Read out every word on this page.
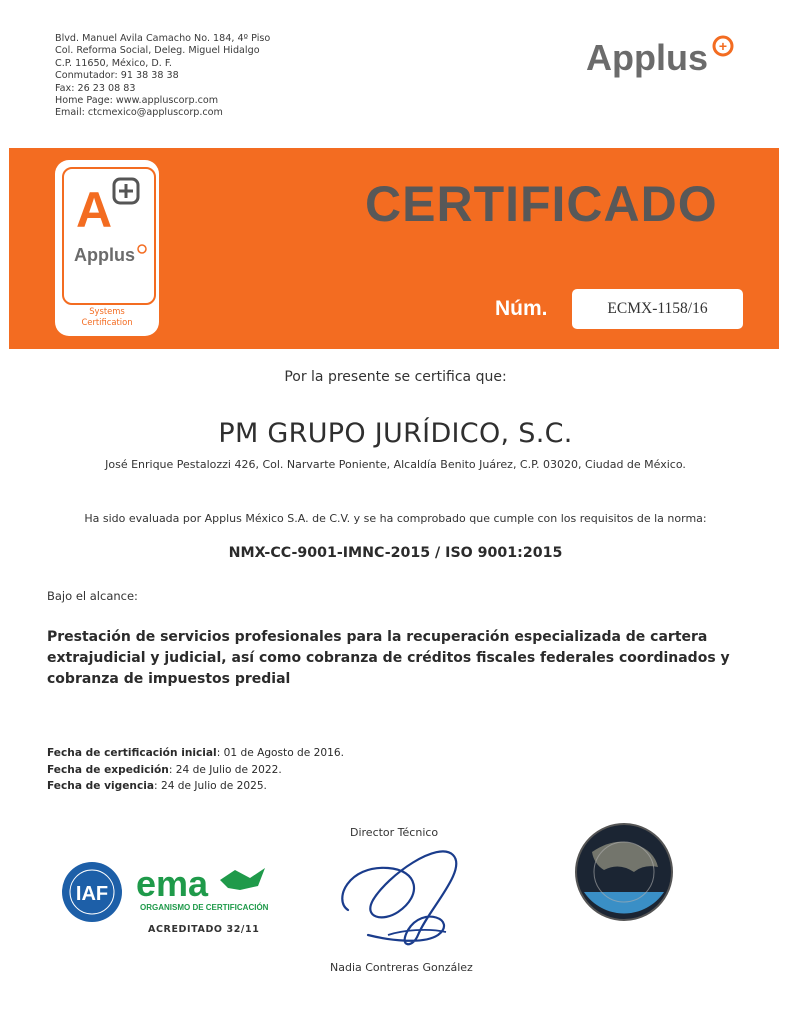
Blvd. Manuel Avila Camacho No. 184, 4º Piso
Col. Reforma Social, Deleg. Miguel Hidalgo
C.P. 11650, México, D. F.
Conmutador: 91 38 38 38
Fax: 26 23 08 83
Home Page: www.appluscorp.com
Email: ctcmexico@appluscorp.com
Applus +
A
Applus
Systems
Certification
CERTIFICADO
Núm.	ECMX-1158/16
Por la presente se certifica que:
PM GRUPO JURÍDICO, S.C.
José Enrique Pestalozzi 426, Col. Narvarte Poniente, Alcaldía Benito Juárez, C.P. 03020, Ciudad de México.
Ha sido evaluada por Applus México S.A. de C.V. y se ha comprobado que cumple con los requisitos de la norma:
NMX-CC-9001-IMNC-2015 / ISO 9001:2015
Bajo el alcance:
Prestación de servicios profesionales para la recuperación especializada de cartera extrajudicial y judicial, así como cobranza de créditos fiscales federales coordinados y cobranza de impuestos predial
Fecha de certificación inicial: 01 de Agosto de 2016.
Fecha de expedición: 24 de Julio de 2022.
Fecha de vigencia: 24 de Julio de 2025.
IAF ema
ORGANISMO DE CERTIFICACIÓN
ACREDITADO 32/11
Director Técnico
Nadia Contreras González
